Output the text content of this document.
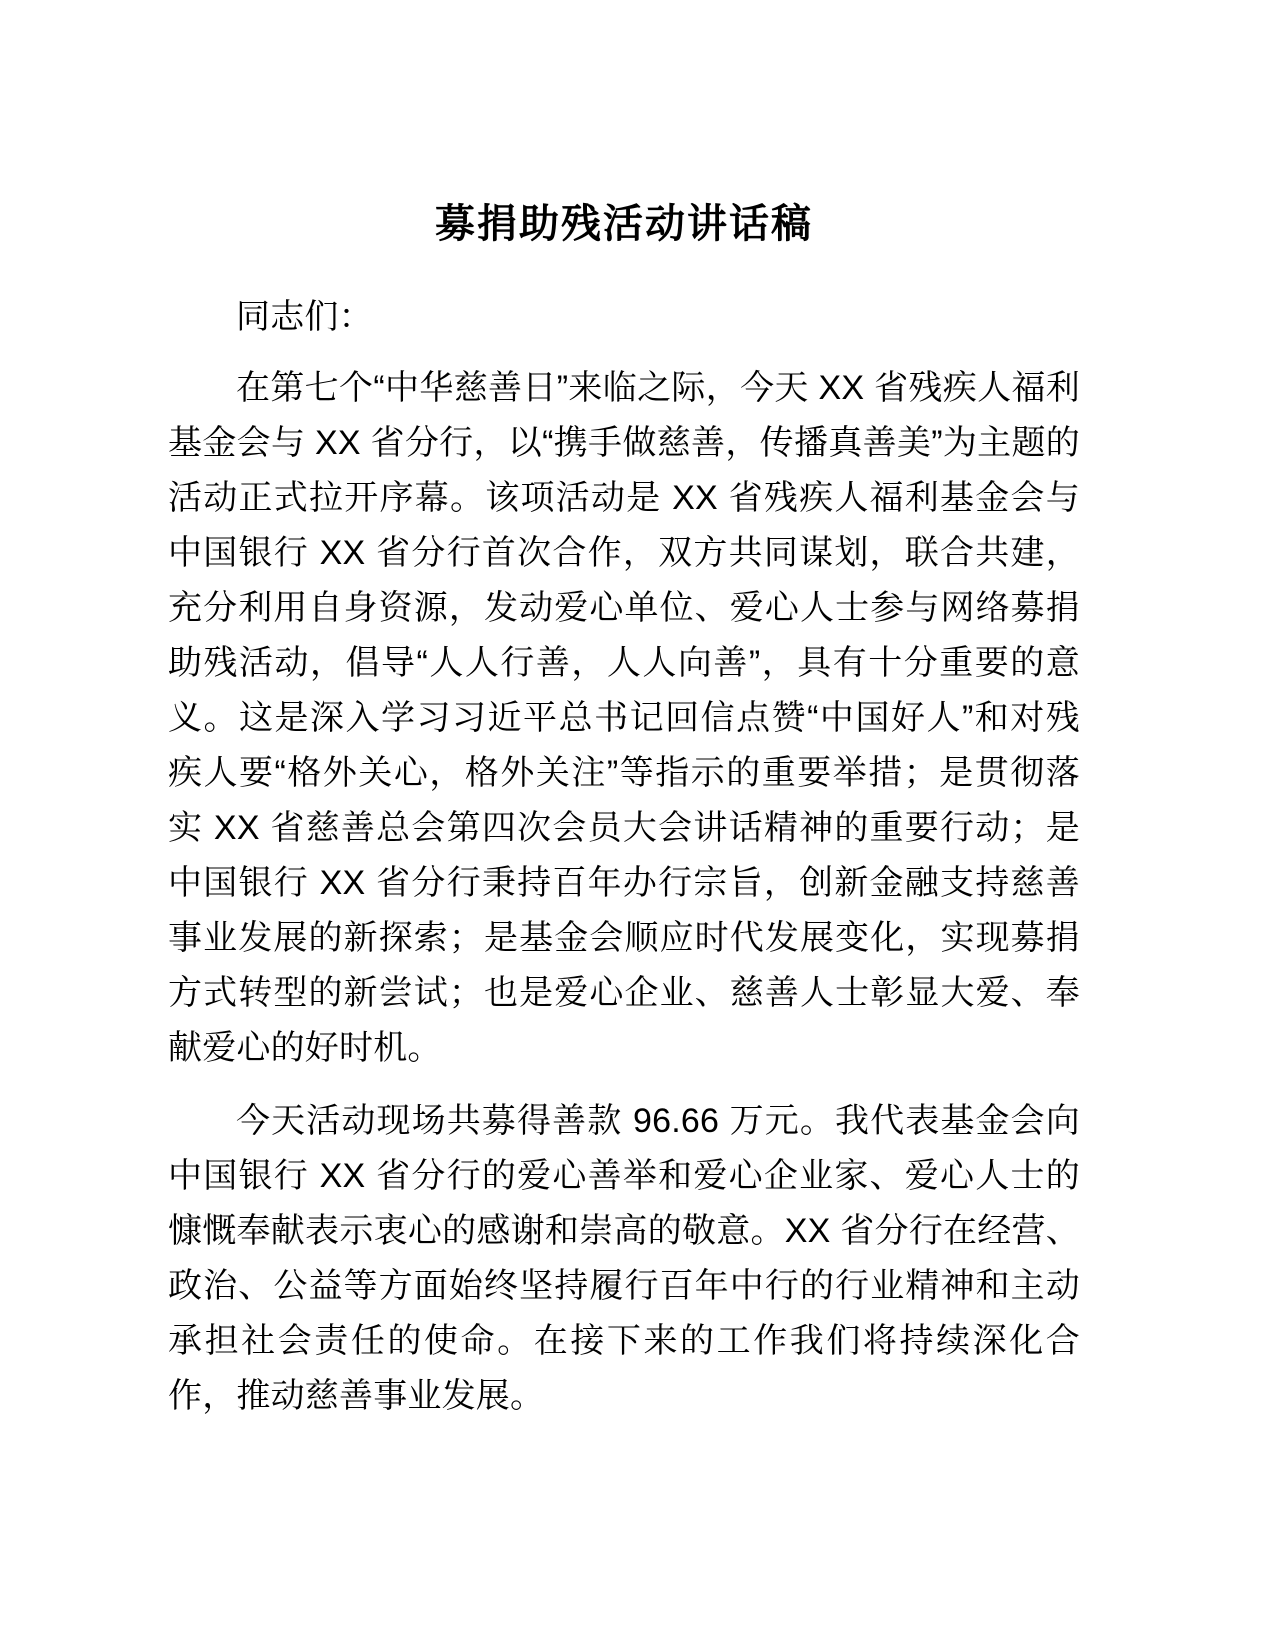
募捐助残活动讲话稿

同志们：

在第七个“中华慈善日”来临之际，今天 XX 省残疾人福利基金会与 XX 省分行，以“携手做慈善，传播真善美”为主题的活动正式拉开序幕。该项活动是 XX 省残疾人福利基金会与中国银行 XX 省分行首次合作，双方共同谋划，联合共建，充分利用自身资源，发动爱心单位、爱心人士参与网络募捐助残活动，倡导“人人行善，人人向善”，具有十分重要的意义。这是深入学习习近平总书记回信点赞“中国好人”和对残疾人要“格外关心，格外关注”等指示的重要举措；是贯彻落实 XX 省慈善总会第四次会员大会讲话精神的重要行动；是中国银行 XX 省分行秉持百年办行宗旨，创新金融支持慈善事业发展的新探索；是基金会顺应时代发展变化，实现募捐方式转型的新尝试；也是爱心企业、慈善人士彰显大爱、奉献爱心的好时机。

今天活动现场共募得善款 96.66 万元。我代表基金会向中国银行 XX 省分行的爱心善举和爱心企业家、爱心人士的慷慨奉献表示衷心的感谢和崇高的敬意。XX 省分行在经营、政治、公益等方面始终坚持履行百年中行的行业精神和主动承担社会责任的使命。在接下来的工作我们将持续深化合作，推动慈善事业发展。
